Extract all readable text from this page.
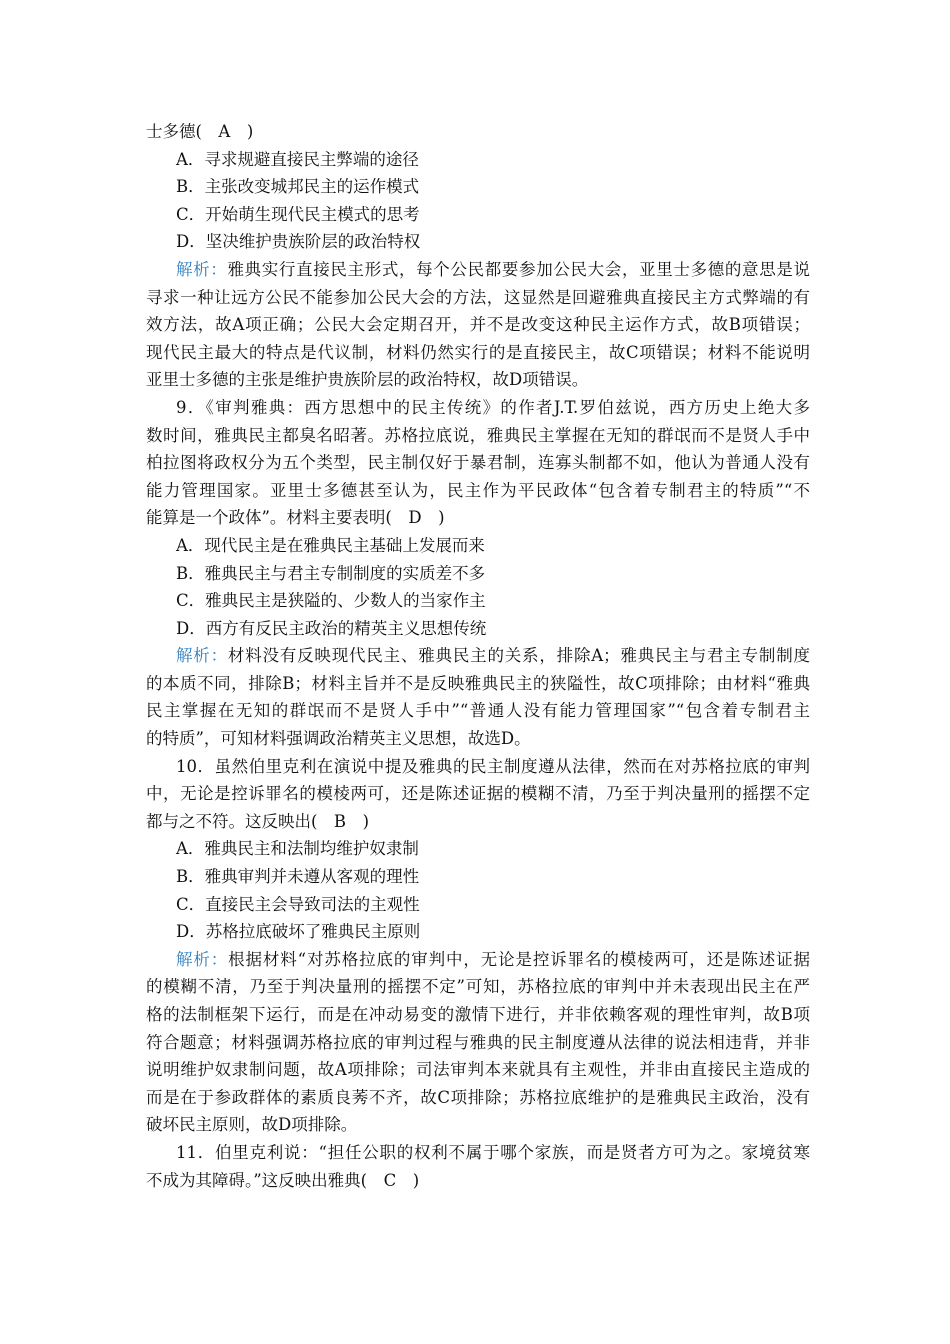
士多德(　A　)
A．寻求规避直接民主弊端的途径
B．主张改变城邦民主的运作模式
C．开始萌生现代民主模式的思考
D．坚决维护贵族阶层的政治特权
解析：雅典实行直接民主形式，每个公民都要参加公民大会，亚里士多德的意思是说
寻求一种让远方公民不能参加公民大会的方法，这显然是回避雅典直接民主方式弊端的有
效方法，故A项正确；公民大会定期召开，并不是改变这种民主运作方式，故B项错误；
现代民主最大的特点是代议制，材料仍然实行的是直接民主，故C项错误；材料不能说明
亚里士多德的主张是维护贵族阶层的政治特权，故D项错误。
9．《审判雅典：西方思想中的民主传统》的作者J.T.罗伯兹说，西方历史上绝大多
数时间，雅典民主都臭名昭著。苏格拉底说，雅典民主掌握在无知的群氓而不是贤人手中
柏拉图将政权分为五个类型，民主制仅好于暴君制，连寡头制都不如，他认为普通人没有
能力管理国家。亚里士多德甚至认为，民主作为平民政体“包含着专制君主的特质”“不
能算是一个政体”。材料主要表明(　D　)
A．现代民主是在雅典民主基础上发展而来
B．雅典民主与君主专制制度的实质差不多
C．雅典民主是狭隘的、少数人的当家作主
D．西方有反民主政治的精英主义思想传统
解析：材料没有反映现代民主、雅典民主的关系，排除A；雅典民主与君主专制制度
的本质不同，排除B；材料主旨并不是反映雅典民主的狭隘性，故C项排除；由材料“雅典
民主掌握在无知的群氓而不是贤人手中”“普通人没有能力管理国家”“包含着专制君主
的特质”，可知材料强调政治精英主义思想，故选D。
10．虽然伯里克利在演说中提及雅典的民主制度遵从法律，然而在对苏格拉底的审判
中，无论是控诉罪名的模棱两可，还是陈述证据的模糊不清，乃至于判决量刑的摇摆不定
都与之不符。这反映出(　B　)
A．雅典民主和法制均维护奴隶制
B．雅典审判并未遵从客观的理性
C．直接民主会导致司法的主观性
D．苏格拉底破坏了雅典民主原则
解析：根据材料“对苏格拉底的审判中，无论是控诉罪名的模棱两可，还是陈述证据
的模糊不清，乃至于判决量刑的摇摆不定”可知，苏格拉底的审判中并未表现出民主在严
格的法制框架下运行，而是在冲动易变的激情下进行，并非依赖客观的理性审判，故B项
符合题意；材料强调苏格拉底的审判过程与雅典的民主制度遵从法律的说法相违背，并非
说明维护奴隶制问题，故A项排除；司法审判本来就具有主观性，并非由直接民主造成的
而是在于参政群体的素质良莠不齐，故C项排除；苏格拉底维护的是雅典民主政治，没有
破坏民主原则，故D项排除。
11．伯里克利说：“担任公职的权利不属于哪个家族，而是贤者方可为之。家境贫寒
不成为其障碍。”这反映出雅典(　C　)
